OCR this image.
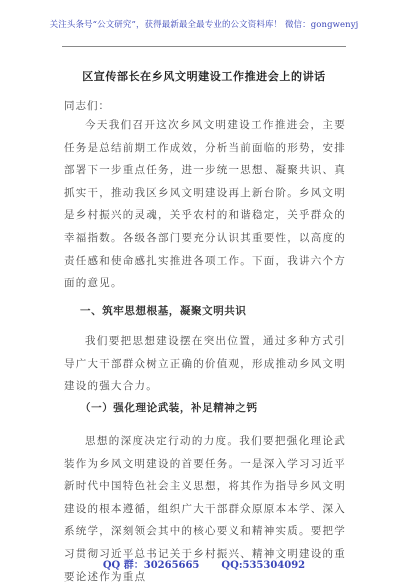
关注头条号“公文研究”，获得最新最全最专业的公文资料库！ 微信：gongwenyj
区宣传部长在乡风文明建设工作推进会上的讲话
同志们：

今天我们召开这次乡风文明建设工作推进会，主要任务是总结前期工作成效，分析当前面临的形势，安排部署下一步重点任务，进一步统一思想、凝聚共识、真抓实干，推动我区乡风文明建设再上新台阶。乡风文明是乡村振兴的灵魂，关乎农村的和谐稳定，关乎群众的幸福指数。各级各部门要充分认识其重要性，以高度的责任感和使命感扎实推进各项工作。下面，我讲六个方面的意见。

一、筑牢思想根基，凝聚文明共识

我们要把思想建设摆在突出位置，通过多种方式引导广大干部群众树立正确的价值观，形成推动乡风文明建设的强大合力。

（一）强化理论武装，补足精神之钙

思想的深度决定行动的力度。我们要把强化理论武装作为乡风文明建设的首要任务。一是深入学习习近平新时代中国特色社会主义思想，将其作为指导乡风文明建设的根本遵循，组织广大干部群众原原本本学、深入系统学，深刻领会其中的核心要义和精神实质。要把学习贯彻习近平总书记关于乡村振兴、精神文明建设的重要论述作为重点

QQ 群：30265665 QQ:535304092
